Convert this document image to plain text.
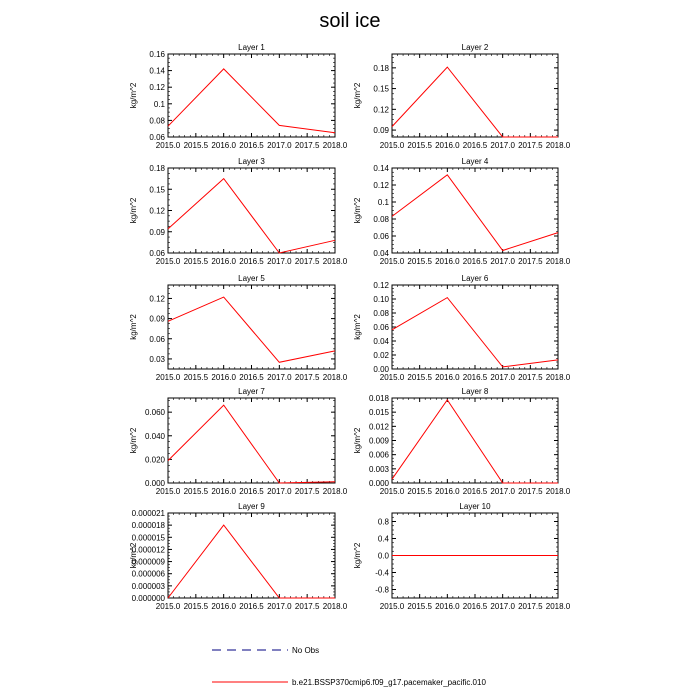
soil ice
Layer 1
kg/m^2
2015.0 2015.5 2016.0 2016.5 2017.0 2017.5 2018.0
0.06
0.08
0.1
0.12
0.14
0.16
Layer 2
kg/m^2
2015.0 2015.5 2016.0 2016.5 2017.0 2017.5 2018.0
0.09
0.12
0.15
0.18
Layer 3
kg/m^2
2015.0 2015.5 2016.0 2016.5 2017.0 2017.5 2018.0
0.06
0.09
0.12
0.15
0.18
Layer 4
kg/m^2
2015.0 2015.5 2016.0 2016.5 2017.0 2017.5 2018.0
0.04
0.06
0.08
0.1
0.12
0.14
Layer 5
kg/m^2
2015.0 2015.5 2016.0 2016.5 2017.0 2017.5 2018.0
0.03
0.06
0.09
0.12
Layer 6
kg/m^2
2015.0 2015.5 2016.0 2016.5 2017.0 2017.5 2018.0
0.00
0.02
0.04
0.06
0.08
0.10
0.12
Layer 7
kg/m^2
2015.0 2015.5 2016.0 2016.5 2017.0 2017.5 2018.0
0.000
0.020
0.040
0.060
Layer 8
kg/m^2
2015.0 2015.5 2016.0 2016.5 2017.0 2017.5 2018.0
0.000
0.003
0.006
0.009
0.012
0.015
0.018
Layer 9
kg/m^2
2015.0 2015.5 2016.0 2016.5 2017.0 2017.5 2018.0
0.000000
0.000003
0.000006
0.000009
0.000012
0.000015
0.000018
0.000021
Layer 10
kg/m^2
2015.0 2015.5 2016.0 2016.5 2017.0 2017.5 2018.0
-0.8
-0.4
0.0
0.4
0.8
No Obs
b.e21.BSSP370cmip6.f09_g17.pacemaker_pacific.010
